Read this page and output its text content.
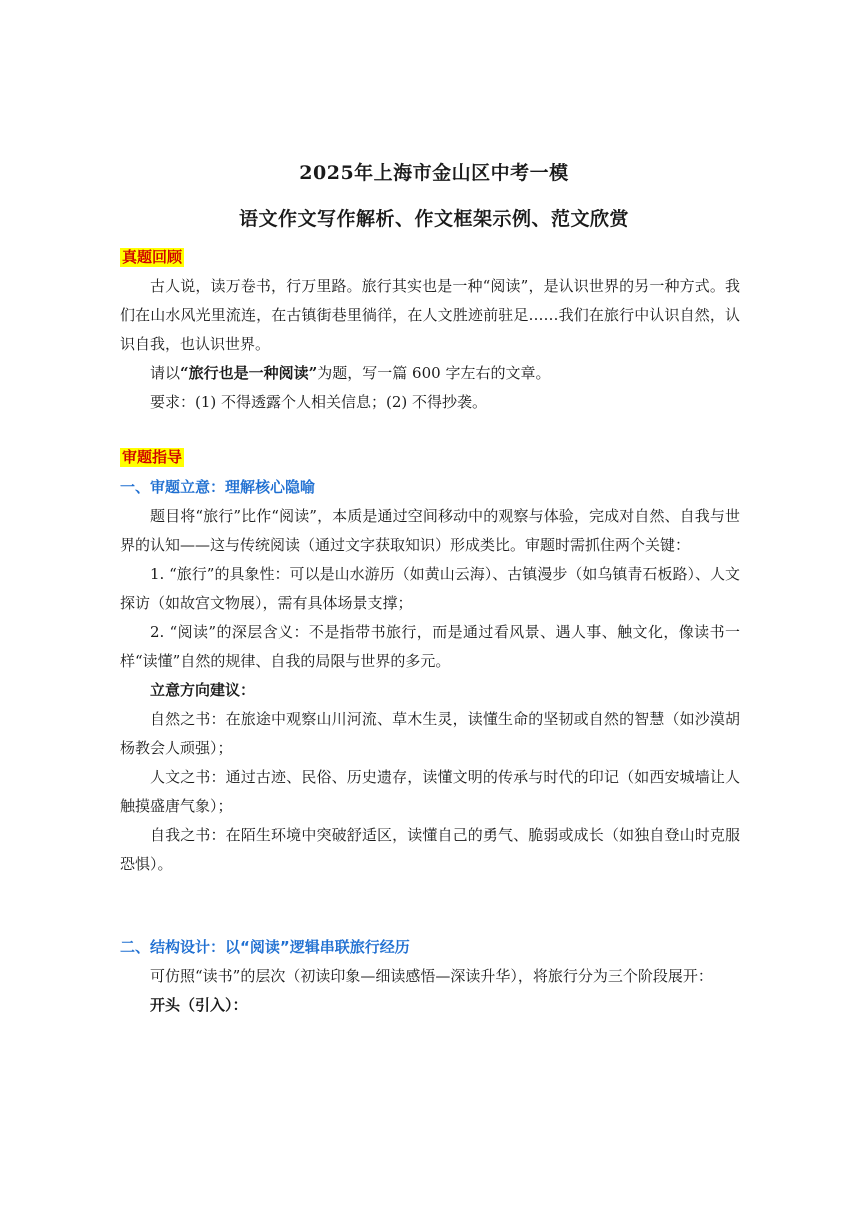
2025年上海市金山区中考一模
语文作文写作解析、作文框架示例、范文欣赏
真题回顾

古人说，读万卷书，行万里路。旅行其实也是一种“阅读”，是认识世界的另一种方式。我们在山水风光里流连，在古镇街巷里徜徉，在人文胜迹前驻足……我们在旅行中认识自然，认识自我，也认识世界。

请以“旅行也是一种阅读”为题，写一篇 600 字左右的文章。

要求：(1) 不得透露个人相关信息；(2) 不得抄袭。

审题指导
一、审题立意：理解核心隐喻

题目将“旅行”比作“阅读”，本质是通过空间移动中的观察与体验，完成对自然、自我与世界的认知——这与传统阅读（通过文字获取知识）形成类比。审题时需抓住两个关键：

1. “旅行”的具象性：可以是山水游历（如黄山云海）、古镇漫步（如乌镇青石板路）、人文探访（如故宫文物展），需有具体场景支撑；

2. “阅读”的深层含义：不是指带书旅行，而是通过看风景、遇人事、触文化，像读书一样“读懂”自然的规律、自我的局限与世界的多元。

立意方向建议：

自然之书：在旅途中观察山川河流、草木生灵，读懂生命的坚韧或自然的智慧（如沙漠胡杨教会人顽强）；

人文之书：通过古迹、民俗、历史遗存，读懂文明的传承与时代的印记（如西安城墙让人触摸盛唐气象）；

自我之书：在陌生环境中突破舒适区，读懂自己的勇气、脆弱或成长（如独自登山时克服恐惧）。

二、结构设计：以“阅读”逻辑串联旅行经历

可仿照“读书”的层次（初读印象—细读感悟—深读升华），将旅行分为三个阶段展开：

开头（引入）：
